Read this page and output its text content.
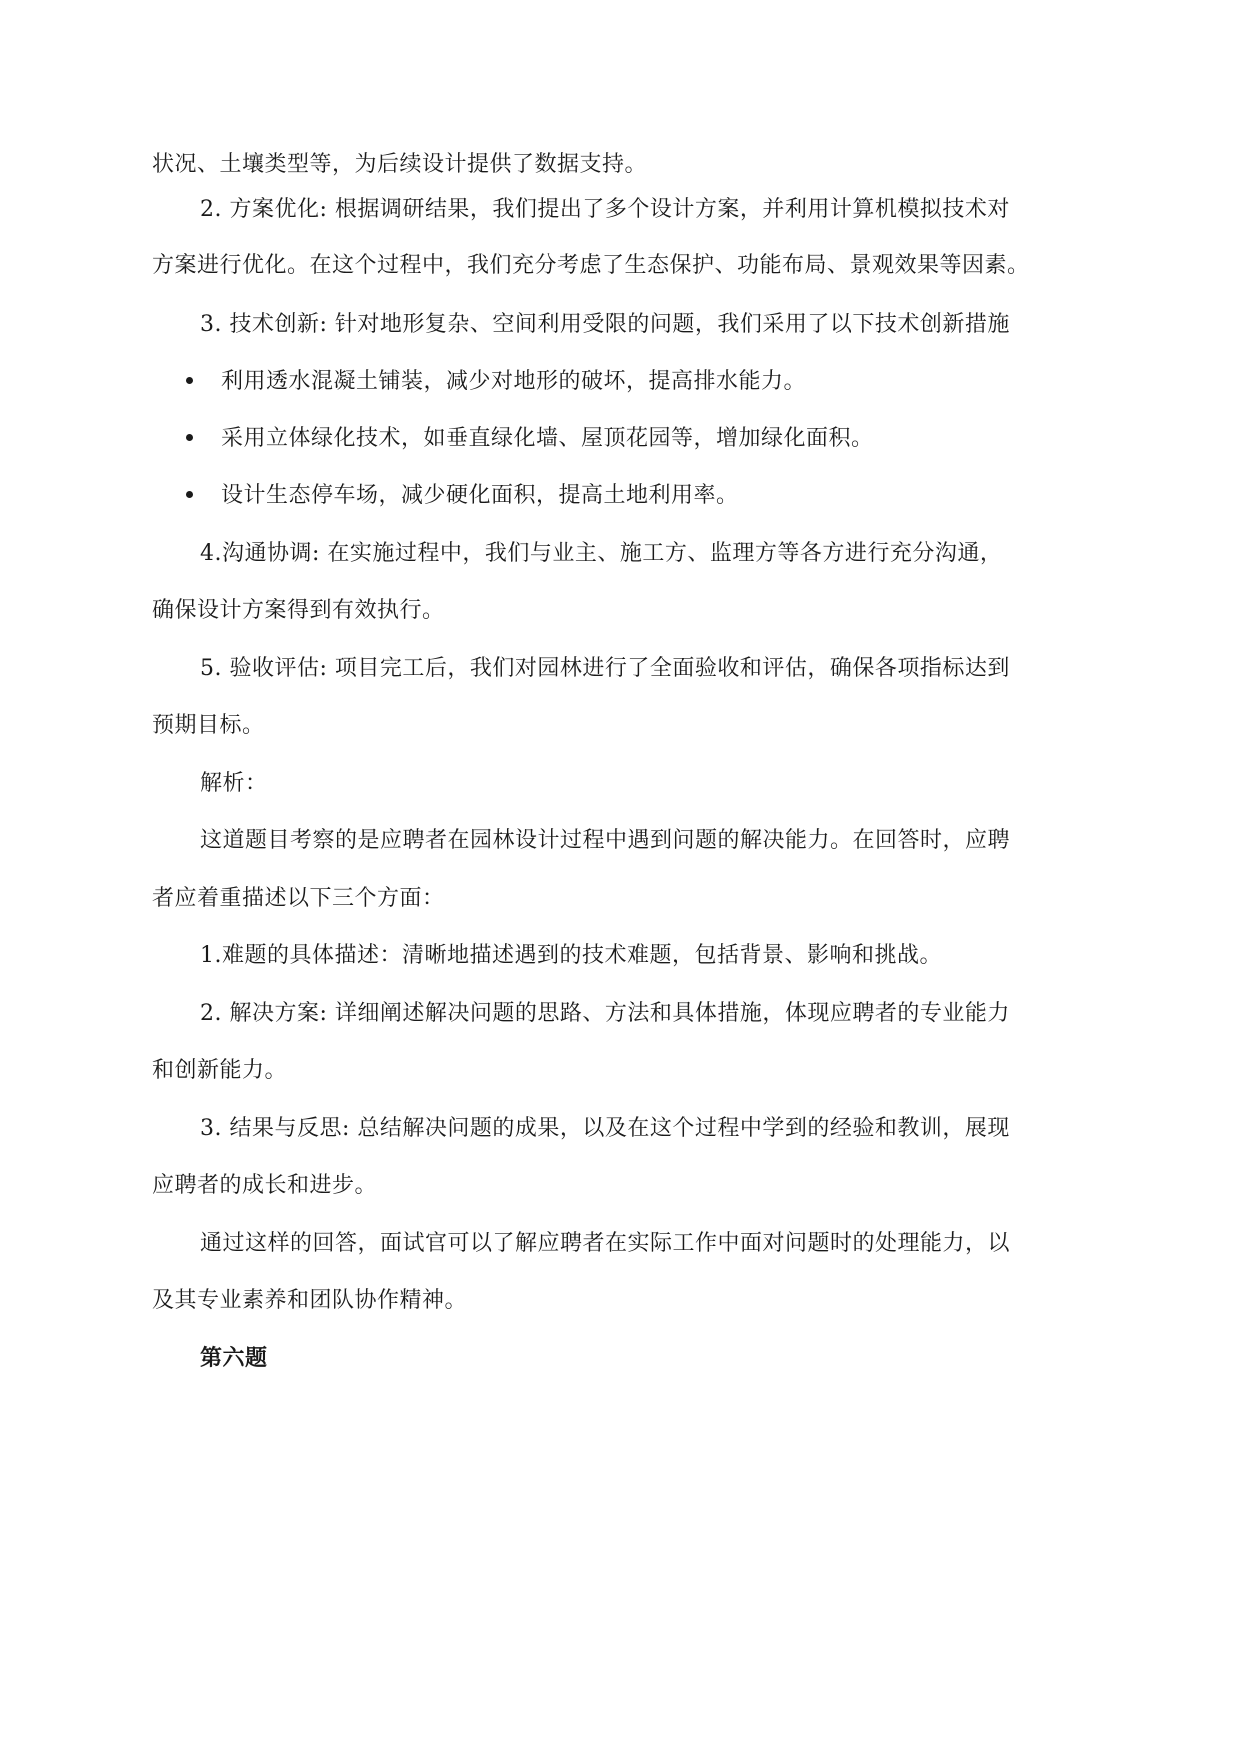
状况、土壤类型等，为后续设计提供了数据支持。
2. 方案优化: 根据调研结果，我们提出了多个设计方案，并利用计算机模拟技术对
方案进行优化。在这个过程中，我们充分考虑了生态保护、功能布局、景观效果等因素。
3. 技术创新: 针对地形复杂、空间利用受限的问题，我们采用了以下技术创新措施
利用透水混凝土铺装，减少对地形的破坏，提高排水能力。
采用立体绿化技术，如垂直绿化墙、屋顶花园等，增加绿化面积。
设计生态停车场，减少硬化面积，提高土地利用率。
4.沟通协调: 在实施过程中，我们与业主、施工方、监理方等各方进行充分沟通，
确保设计方案得到有效执行。
5. 验收评估: 项目完工后，我们对园林进行了全面验收和评估，确保各项指标达到
预期目标。
解析：
这道题目考察的是应聘者在园林设计过程中遇到问题的解决能力。在回答时，应聘
者应着重描述以下三个方面：
1.难题的具体描述：清晰地描述遇到的技术难题，包括背景、影响和挑战。
2. 解决方案: 详细阐述解决问题的思路、方法和具体措施，体现应聘者的专业能力
和创新能力。
3. 结果与反思: 总结解决问题的成果，以及在这个过程中学到的经验和教训，展现
应聘者的成长和进步。
通过这样的回答，面试官可以了解应聘者在实际工作中面对问题时的处理能力，以
及其专业素养和团队协作精神。
第六题
